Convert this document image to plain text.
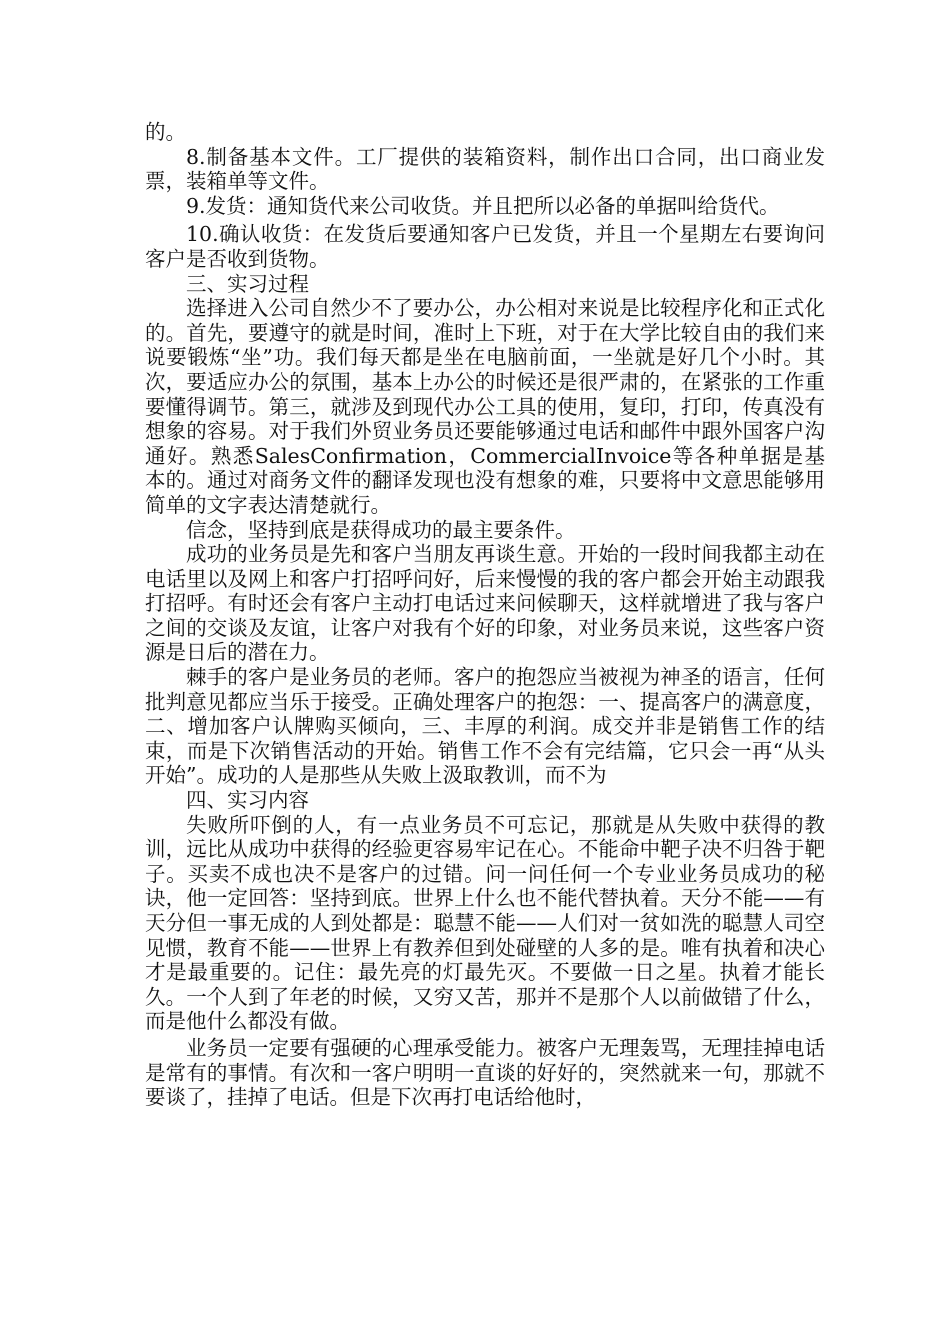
的。

8.制备基本文件。工厂提供的装箱资料，制作出口合同，出口商业发票，装箱单等文件。

9.发货：通知货代来公司收货。并且把所以必备的单据叫给货代。

10.确认收货：在发货后要通知客户已发货，并且一个星期左右要询问客户是否收到货物。

三、实习过程

选择进入公司自然少不了要办公，办公相对来说是比较程序化和正式化的。首先，要遵守的就是时间，准时上下班，对于在大学比较自由的我们来说要锻炼“坐”功。我们每天都是坐在电脑前面，一坐就是好几个小时。其次，要适应办公的氛围，基本上办公的时候还是很严肃的，在紧张的工作重要懂得调节。第三，就涉及到现代办公工具的使用，复印，打印，传真没有想象的容易。对于我们外贸业务员还要能够通过电话和邮件中跟外国客户沟通好。熟悉SalesConfirmation，CommercialInvoice等各种单据是基本的。通过对商务文件的翻译发现也没有想象的难，只要将中文意思能够用简单的文字表达清楚就行。

信念，坚持到底是获得成功的最主要条件。

成功的业务员是先和客户当朋友再谈生意。开始的一段时间我都主动在电话里以及网上和客户打招呼问好，后来慢慢的我的客户都会开始主动跟我打招呼。有时还会有客户主动打电话过来问候聊天，这样就增进了我与客户之间的交谈及友谊，让客户对我有个好的印象，对业务员来说，这些客户资源是日后的潜在力。

棘手的客户是业务员的老师。客户的抱怨应当被视为神圣的语言，任何批判意见都应当乐于接受。正确处理客户的抱怨：一、提高客户的满意度，二、增加客户认牌购买倾向，三、丰厚的利润。成交并非是销售工作的结束，而是下次销售活动的开始。销售工作不会有完结篇，它只会一再“从头开始”。成功的人是那些从失败上汲取教训，而不为

四、实习内容

失败所吓倒的人，有一点业务员不可忘记，那就是从失败中获得的教训，远比从成功中获得的经验更容易牢记在心。不能命中靶子决不归咎于靶子。买卖不成也决不是客户的过错。问一问任何一个专业业务员成功的秘诀，他一定回答：坚持到底。世界上什么也不能代替执着。天分不能——有天分但一事无成的人到处都是：聪慧不能——人们对一贫如洗的聪慧人司空见惯，教育不能——世界上有教养但到处碰壁的人多的是。唯有执着和决心才是最重要的。记住：最先亮的灯最先灭。不要做一日之星。执着才能长久。一个人到了年老的时候，又穷又苦，那并不是那个人以前做错了什么，而是他什么都没有做。

业务员一定要有强硬的心理承受能力。被客户无理轰骂，无理挂掉电话是常有的事情。有次和一客户明明一直谈的好好的，突然就来一句，那就不要谈了，挂掉了电话。但是下次再打电话给他时，
